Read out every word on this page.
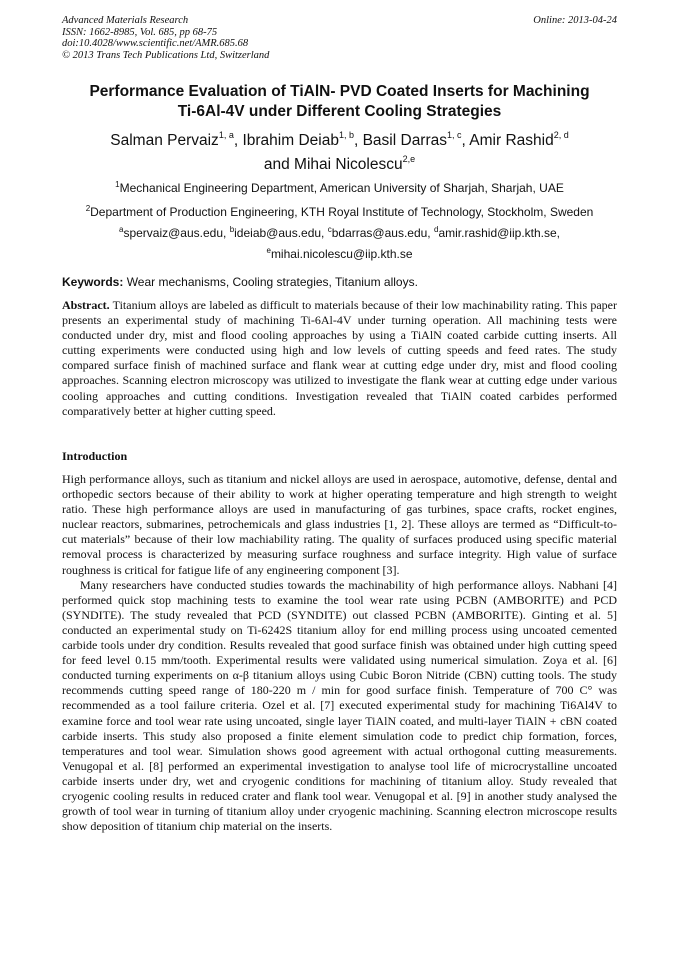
Advanced Materials Research
ISSN: 1662-8985, Vol. 685, pp 68-75
doi:10.4028/www.scientific.net/AMR.685.68
© 2013 Trans Tech Publications Ltd, Switzerland
Online: 2013-04-24
Performance Evaluation of TiAlN- PVD Coated Inserts for Machining
Ti-6Al-4V under Different Cooling Strategies
Salman Pervaiz$^{1, a}$, Ibrahim Deiab$^{1, b}$, Basil Darras$^{1, c}$, Amir Rashid$^{2, d}$
and Mihai Nicolescu$^{2,e}$
$^1$Mechanical Engineering Department, American University of Sharjah, Sharjah, UAE
$^2$Department of Production Engineering, KTH Royal Institute of Technology, Stockholm, Sweden
$^a$spervaiz@aus.edu, $^b$ideiab@aus.edu, $^c$bdarras@aus.edu, $^d$amir.rashid@iip.kth.se,
$^e$mihai.nicolescu@iip.kth.se
Keywords: Wear mechanisms, Cooling strategies, Titanium alloys.

Abstract. Titanium alloys are labeled as difficult to materials because of their low machinability rating. This paper presents an experimental study of machining Ti-6Al-4V under turning operation. All machining tests were conducted under dry, mist and flood cooling approaches by using a TiAlN coated carbide cutting inserts. All cutting experiments were conducted using high and low levels of cutting speeds and feed rates. The study compared surface finish of machined surface and flank wear at cutting edge under dry, mist and flood cooling approaches. Scanning electron microscopy was utilized to investigate the flank wear at cutting edge under various cooling approaches and cutting conditions. Investigation revealed that TiAlN coated carbides performed comparatively better at higher cutting speed.

Introduction

High performance alloys, such as titanium and nickel alloys are used in aerospace, automotive, defense, dental and orthopedic sectors because of their ability to work at higher operating temperature and high strength to weight ratio. These high performance alloys are used in manufacturing of gas turbines, space crafts, rocket engines, nuclear reactors, submarines, petrochemicals and glass industries [1, 2]. These alloys are termed as “Difficult-to-cut materials” because of their low machiability rating. The quality of surfaces produced using specific material removal process is characterized by measuring surface roughness and surface integrity. High value of surface roughness is critical for fatigue life of any engineering component [3].

Many researchers have conducted studies towards the machinability of high performance alloys. Nabhani [4] performed quick stop machining tests to examine the tool wear rate using PCBN (AMBORITE) and PCD (SYNDITE). The study revealed that PCD (SYNDITE) out classed PCBN (AMBORITE). Ginting et al. 5] conducted an experimental study on Ti-6242S titanium alloy for end milling process using uncoated cemented carbide tools under dry condition. Results revealed that good surface finish was obtained under high cutting speed for feed level 0.15 mm/tooth. Experimental results were validated using numerical simulation. Zoya et al. [6] conducted turning experiments on α-β titanium alloys using Cubic Boron Nitride (CBN) cutting tools. The study recommends cutting speed range of 180-220 m / min for good surface finish. Temperature of 700 C° was recommended as a tool failure criteria. Ozel et al. [7] executed experimental study for machining Ti6Al4V to examine force and tool wear rate using uncoated, single layer TiAlN coated, and multi-layer TiAlN + cBN coated carbide inserts. This study also proposed a finite element simulation code to predict chip formation, forces, temperatures and tool wear. Simulation shows good agreement with actual orthogonal cutting measurements. Venugopal et al. [8] performed an experimental investigation to analyse tool life of microcrystalline uncoated carbide inserts under dry, wet and cryogenic conditions for machining of titanium alloy. Study revealed that cryogenic cooling results in reduced crater and flank tool wear. Venugopal et al. [9] in another study analysed the growth of tool wear in turning of titanium alloy under cryogenic machining. Scanning electron microscope results show deposition of titanium chip material on the inserts.
